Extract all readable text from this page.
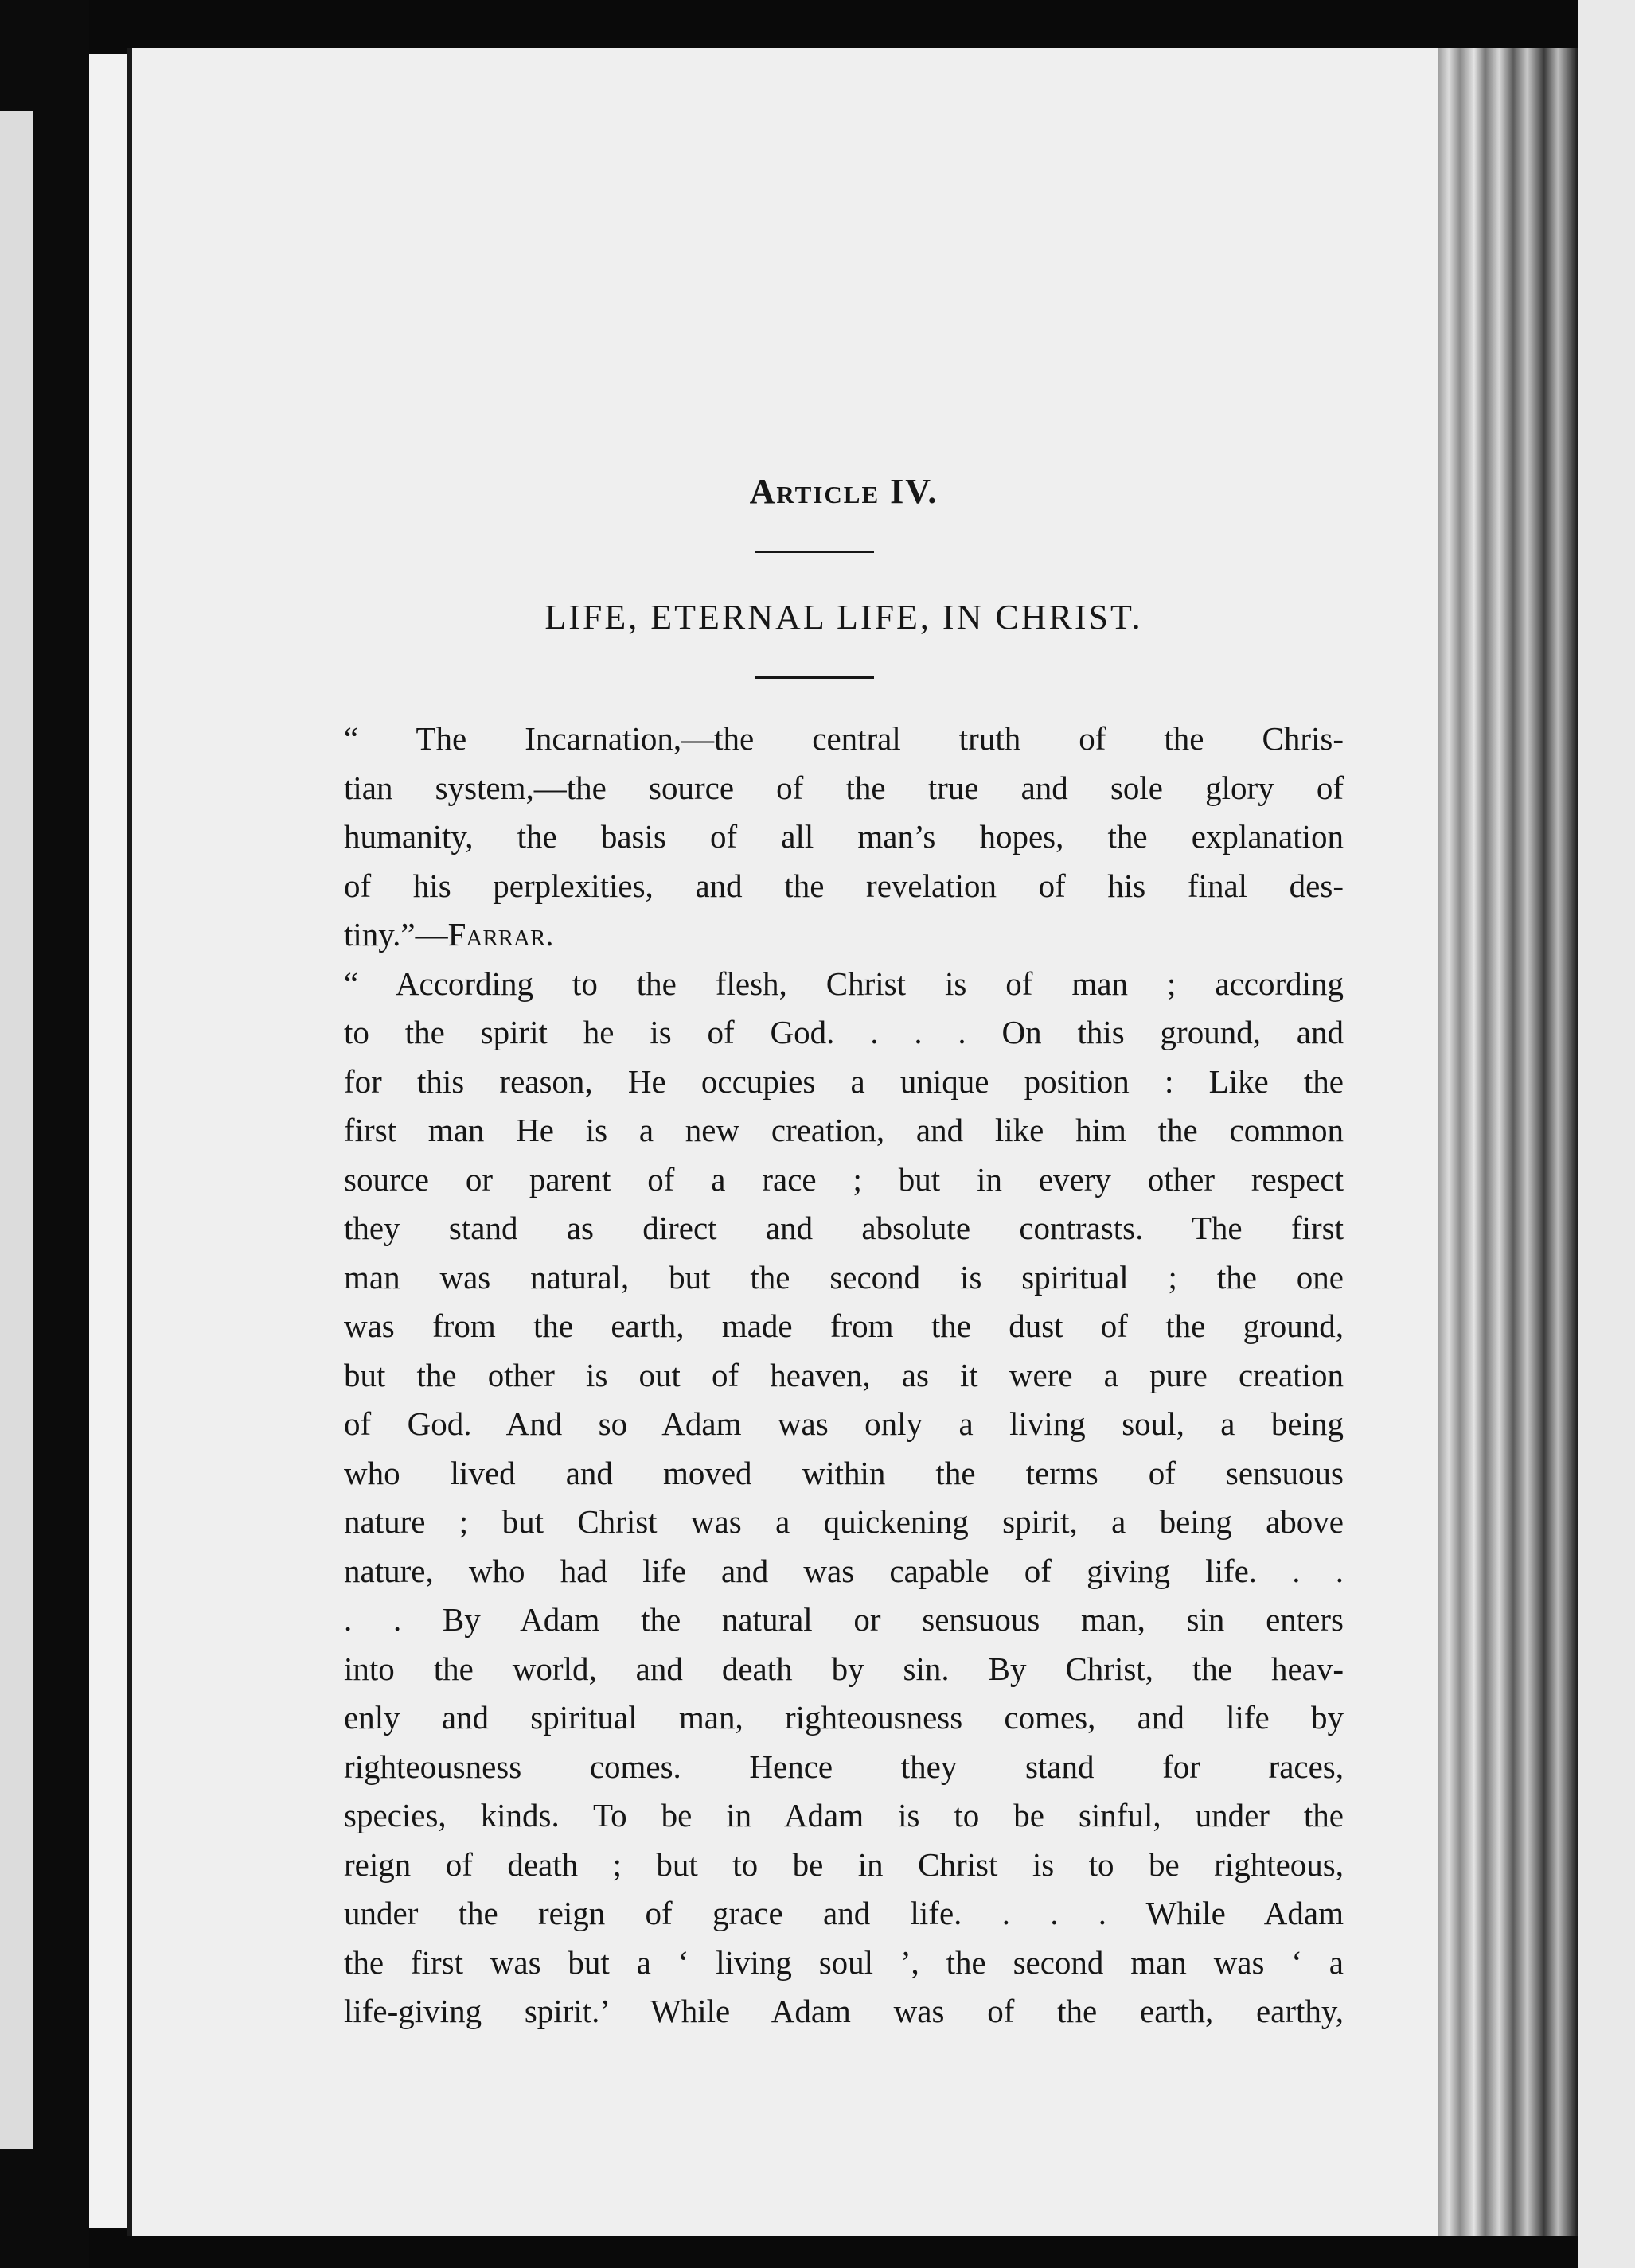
Article IV.
LIFE, ETERNAL LIFE, IN CHRIST.
“ The Incarnation,—the central truth of the Chris-
tian system,—the source of the true and sole glory of
humanity, the basis of all man’s hopes, the explanation
of his perplexities, and the revelation of his final des-
tiny.”—Farrar.
“ According to the flesh, Christ is of man ; according
to the spirit he is of God. . . . On this ground, and
for this reason, He occupies a unique position : Like the
first man He is a new creation, and like him the common
source or parent of a race ; but in every other respect
they stand as direct and absolute contrasts. The first
man was natural, but the second is spiritual ; the one
was from the earth, made from the dust of the ground,
but the other is out of heaven, as it were a pure creation
of God. And so Adam was only a living soul, a being
who lived and moved within the terms of sensuous
nature ; but Christ was a quickening spirit, a being above
nature, who had life and was capable of giving life. . .
. . By Adam the natural or sensuous man, sin enters
into the world, and death by sin. By Christ, the heav-
enly and spiritual man, righteousness comes, and life by
righteousness comes. Hence they stand for races,
species, kinds. To be in Adam is to be sinful, under the
reign of death ; but to be in Christ is to be righteous,
under the reign of grace and life. . . . While Adam
the first was but a ‘ living soul ’, the second man was ‘ a
life-giving spirit.’ While Adam was of the earth, earthy,
